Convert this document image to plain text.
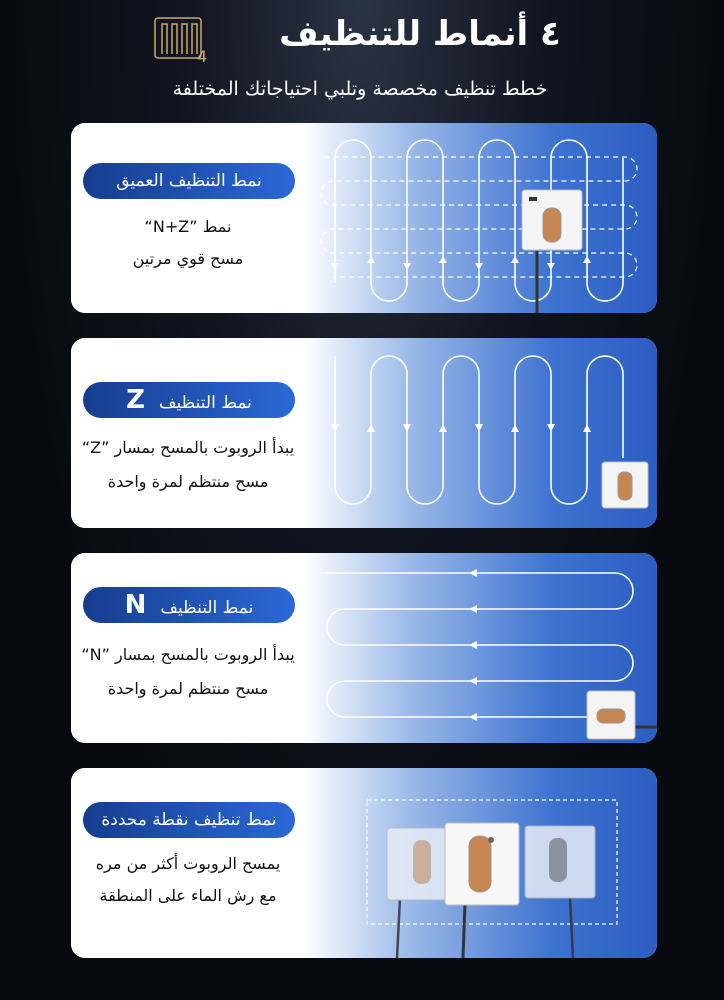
4
٤ أنماط للتنظيف
خطط تنظيف مخصصة وتلبي احتياجاتك المختلفة
نمط التنظيف العميق
نمط ”N+Z“
مسح قوي مرتين
نمط التنظيفZ
يبدأ الروبوت بالمسح بمسار ”Z“
مسح منتظم لمرة واحدة
نمط التنظيفN
يبدأ الروبوت بالمسح بمسار ”N“
مسح منتظم لمرة واحدة
نمط تنظيف نقطة محددة
يمسح الروبوت أكثر من مره
مع رش الماء على المنطقة
